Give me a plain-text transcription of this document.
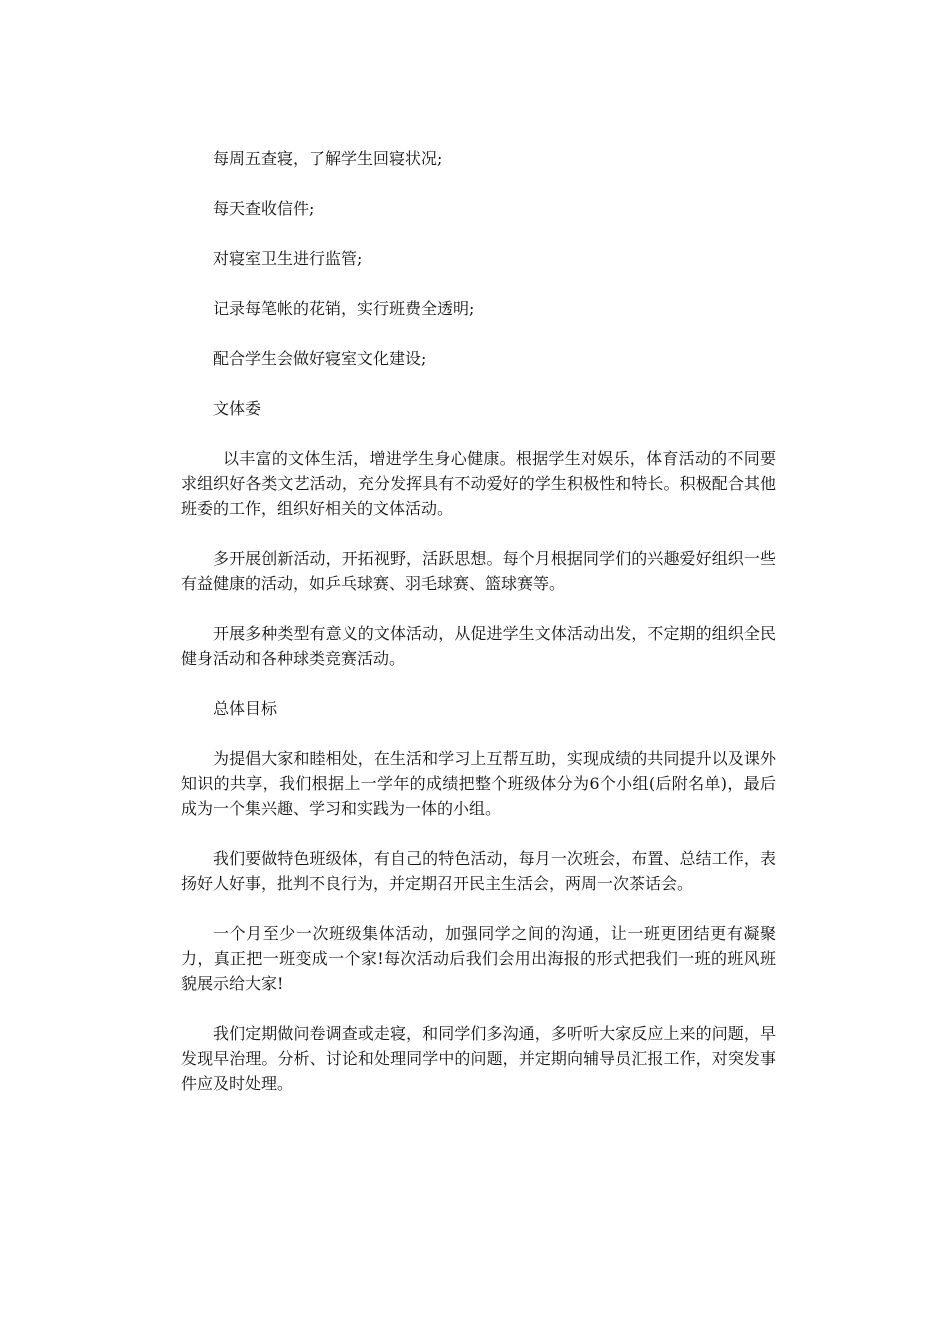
每周五查寝，了解学生回寝状况;

每天查收信件;

对寝室卫生进行监管;

记录每笔帐的花销，实行班费全透明;

配合学生会做好寝室文化建设;

文体委

以丰富的文体生活，增进学生身心健康。根据学生对娱乐，体育活动的不同要求组织好各类文艺活动，充分发挥具有不动爱好的学生积极性和特长。积极配合其他班委的工作，组织好相关的文体活动。

多开展创新活动，开拓视野，活跃思想。每个月根据同学们的兴趣爱好组织一些有益健康的活动，如乒乓球赛、羽毛球赛、篮球赛等。

开展多种类型有意义的文体活动，从促进学生文体活动出发，不定期的组织全民健身活动和各种球类竞赛活动。

总体目标

为提倡大家和睦相处，在生活和学习上互帮互助，实现成绩的共同提升以及课外知识的共享，我们根据上一学年的成绩把整个班级体分为6个小组(后附名单)，最后成为一个集兴趣、学习和实践为一体的小组。

我们要做特色班级体，有自己的特色活动，每月一次班会，布置、总结工作，表扬好人好事，批判不良行为，并定期召开民主生活会，两周一次茶话会。

一个月至少一次班级集体活动，加强同学之间的沟通，让一班更团结更有凝聚力，真正把一班变成一个家!每次活动后我们会用出海报的形式把我们一班的班风班貌展示给大家!

我们定期做问卷调查或走寝，和同学们多沟通，多听听大家反应上来的问题，早发现早治理。分析、讨论和处理同学中的问题，并定期向辅导员汇报工作，对突发事件应及时处理。
